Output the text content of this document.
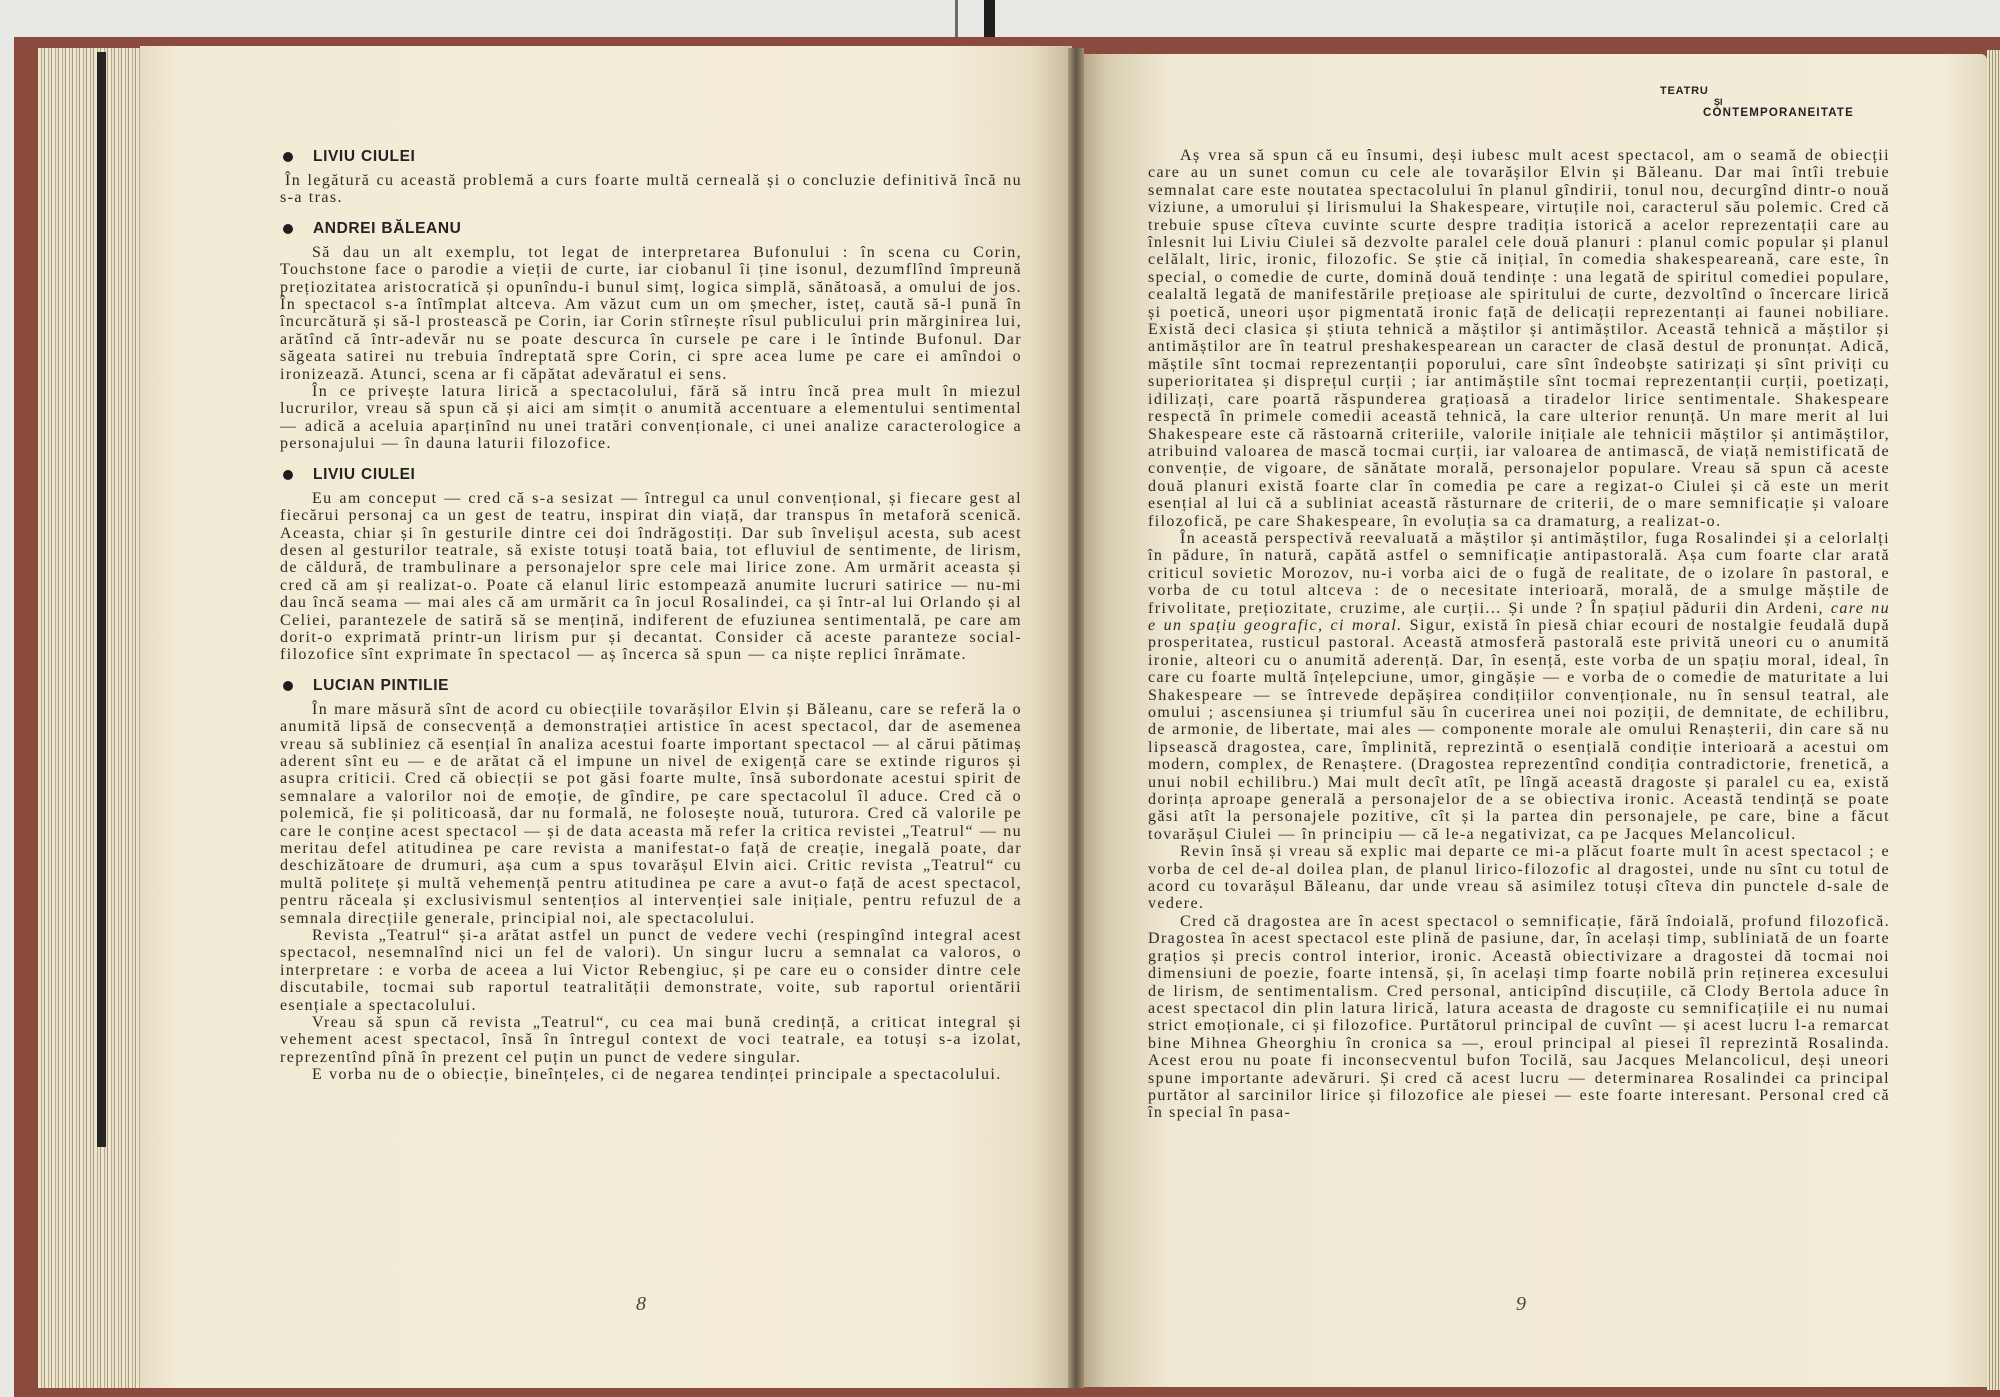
LIVIU CIULEI

În legătură cu această problemă a curs foarte multă cerneală și o concluzie definitivă încă nu s-a tras.

ANDREI BĂLEANU

Să dau un alt exemplu, tot legat de interpretarea Bufonului : în scena cu Corin, Touchstone face o parodie a vieții de curte, iar ciobanul îi ține isonul, dezumflînd împreună prețiozitatea aristocratică și opunîndu-i bunul simț, logica simplă, sănătoasă, a omului de jos. În spectacol s-a întîmplat altceva. Am văzut cum un om șmecher, isteț, caută să-l pună în încurcătură și să-l prostească pe Corin, iar Corin stîrnește rîsul publicului prin mărginirea lui, arătînd că într-adevăr nu se poate descurca în cursele pe care i le întinde Bufonul. Dar săgeata satirei nu trebuia îndreptată spre Corin, ci spre acea lume pe care ei amîndoi o ironizează. Atunci, scena ar fi căpătat adevăratul ei sens.

În ce privește latura lirică a spectacolului, fără să intru încă prea mult în miezul lucrurilor, vreau să spun că și aici am simțit o anumită accentuare a elementului sentimental — adică a aceluia aparținînd nu unei tratări convenționale, ci unei analize caracterologice a personajului — în dauna laturii filozofice.

LIVIU CIULEI

Eu am conceput — cred că s-a sesizat — întregul ca unul convențional, și fiecare gest al fiecărui personaj ca un gest de teatru, inspirat din viață, dar transpus în metaforă scenică. Aceasta, chiar și în gesturile dintre cei doi îndrăgostiți. Dar sub învelișul acesta, sub acest desen al gesturilor teatrale, să existe totuși toată baia, tot efluviul de sentimente, de lirism, de căldură, de trambulinare a personajelor spre cele mai lirice zone. Am urmărit aceasta și cred că am și realizat-o. Poate că elanul liric estompează anumite lucruri satirice — nu-mi dau încă seama — mai ales că am urmărit ca în jocul Rosalindei, ca și într-al lui Orlando și al Celiei, parantezele de satiră să se mențină, indiferent de efuziunea sentimentală, pe care am dorit-o exprimată printr-un lirism pur și decantat. Consider că aceste paranteze social-filozofice sînt exprimate în spectacol — aș încerca să spun — ca niște replici înrămate.

LUCIAN PINTILIE

În mare măsură sînt de acord cu obiecțiile tovarășilor Elvin și Băleanu, care se referă la o anumită lipsă de consecvență a demonstrației artistice în acest spectacol, dar de asemenea vreau să subliniez că esențial în analiza acestui foarte important spectacol — al cărui pătimaș aderent sînt eu — e de arătat că el impune un nivel de exigență care se extinde riguros și asupra criticii. Cred că obiecții se pot găsi foarte multe, însă subordonate acestui spirit de semnalare a valorilor noi de emoție, de gîndire, pe care spectacolul îl aduce. Cred că o polemică, fie și politicoasă, dar nu formală, ne folosește nouă, tuturora. Cred că valorile pe care le conține acest spectacol — și de data aceasta mă refer la critica revistei „Teatrul“ — nu meritau defel atitudinea pe care revista a manifestat-o față de creație, inegală poate, dar deschizătoare de drumuri, așa cum a spus tovarășul Elvin aici. Critic revista „Teatrul“ cu multă politețe și multă vehemență pentru atitudinea pe care a avut-o față de acest spectacol, pentru răceala și exclusivismul sentențios al intervenției sale inițiale, pentru refuzul de a semnala direcțiile generale, principial noi, ale spectacolului.

Revista „Teatrul“ și-a arătat astfel un punct de vedere vechi (respingînd integral acest spectacol, nesemnalînd nici un fel de valori). Un singur lucru a semnalat ca valoros, o interpretare : e vorba de aceea a lui Victor Rebengiuc, și pe care eu o consider dintre cele discutabile, tocmai sub raportul teatralității demonstrate, voite, sub raportul orientării esențiale a spectacolului.

Vreau să spun că revista „Teatrul“, cu cea mai bună credință, a criticat integral și vehement acest spectacol, însă în întregul context de voci teatrale, ea totuși s-a izolat, reprezentînd pînă în prezent cel puțin un punct de vedere singular.

E vorba nu de o obiecție, bineînțeles, ci de negarea tendinței principale a spectacolului.

8
TEATRU
ȘI
CONTEMPORANEITATE

Aș vrea să spun că eu însumi, deși iubesc mult acest spectacol, am o seamă de obiecții care au un sunet comun cu cele ale tovarășilor Elvin și Băleanu. Dar mai întîi trebuie semnalat care este noutatea spectacolului în planul gîndirii, tonul nou, decurgînd dintr-o nouă viziune, a umorului și lirismului la Shakespeare, virtuțile noi, caracterul său polemic. Cred că trebuie spuse cîteva cuvinte scurte despre tradiția istorică a acelor reprezentații care au înlesnit lui Liviu Ciulei să dezvolte paralel cele două planuri : planul comic popular și planul celălalt, liric, ironic, filozofic. Se știe că inițial, în comedia shakespeareană, care este, în special, o comedie de curte, domină două tendințe : una legată de spiritul comediei populare, cealaltă legată de manifestările prețioase ale spiritului de curte, dezvoltînd o încercare lirică și poetică, uneori ușor pigmentată ironic față de delicații reprezentanți ai faunei nobiliare. Există deci clasica și știuta tehnică a măștilor și antimăștilor. Această tehnică a măștilor și antimăștilor are în teatrul preshakespearean un caracter de clasă destul de pronunțat. Adică, măștile sînt tocmai reprezentanții poporului, care sînt îndeobște satirizați și sînt priviți cu superioritatea și disprețul curții ; iar antimăștile sînt tocmai reprezentanții curții, poetizați, idilizați, care poartă răspunderea grațioasă a tiradelor lirice sentimentale. Shakespeare respectă în primele comedii această tehnică, la care ulterior renunță. Un mare merit al lui Shakespeare este că răstoarnă criteriile, valorile inițiale ale tehnicii măștilor și antimăștilor, atribuind valoarea de mască tocmai curții, iar valoarea de antimască, de viață nemistificată de convenție, de vigoare, de sănătate morală, personajelor populare. Vreau să spun că aceste două planuri există foarte clar în comedia pe care a regizat-o Ciulei și că este un merit esențial al lui că a subliniat această răsturnare de criterii, de o mare semnificație și valoare filozofică, pe care Shakespeare, în evoluția sa ca dramaturg, a realizat-o.

În această perspectivă reevaluată a măștilor și antimăștilor, fuga Rosalindei și a celorlalți în pădure, în natură, capătă astfel o semnificație antipastorală. Așa cum foarte clar arată criticul sovietic Morozov, nu-i vorba aici de o fugă de realitate, de o izolare în pastoral, e vorba de cu totul altceva : de o necesitate interioară, morală, de a smulge măștile de frivolitate, prețiozitate, cruzime, ale curții... Și unde ? În spațiul pădurii din Ardeni, care nu e un spațiu geografic, ci moral. Sigur, există în piesă chiar ecouri de nostalgie feudală după prosperitatea, rusticul pastoral. Această atmosferă pastorală este privită uneori cu o anumită ironie, alteori cu o anumită aderență. Dar, în esență, este vorba de un spațiu moral, ideal, în care cu foarte multă înțelepciune, umor, gingășie — e vorba de o comedie de maturitate a lui Shakespeare — se întrevede depășirea condițiilor convenționale, nu în sensul teatral, ale omului ; ascensiunea și triumful său în cucerirea unei noi poziții, de demnitate, de echilibru, de armonie, de libertate, mai ales — componente morale ale omului Renașterii, din care să nu lipsească dragostea, care, împlinită, reprezintă o esențială condiție interioară a acestui om modern, complex, de Renaștere. (Dragostea reprezentînd condiția contradictorie, frenetică, a unui nobil echilibru.) Mai mult decît atît, pe lîngă această dragoste și paralel cu ea, există dorința aproape generală a personajelor de a se obiectiva ironic. Această tendință se poate găsi atît la personajele pozitive, cît și la partea din personajele, pe care, bine a făcut tovarășul Ciulei — în principiu — că le-a negativizat, ca pe Jacques Melancolicul.

Revin însă și vreau să explic mai departe ce mi-a plăcut foarte mult în acest spectacol ; e vorba de cel de-al doilea plan, de planul lirico-filozofic al dragostei, unde nu sînt cu totul de acord cu tovarășul Băleanu, dar unde vreau să asimilez totuși cîteva din punctele d-sale de vedere.

Cred că dragostea are în acest spectacol o semnificație, fără îndoială, profund filozofică. Dragostea în acest spectacol este plină de pasiune, dar, în același timp, subliniată de un foarte grațios și precis control interior, ironic. Această obiectivizare a dragostei dă tocmai noi dimensiuni de poezie, foarte intensă, și, în același timp foarte nobilă prin reținerea excesului de lirism, de sentimentalism. Cred personal, anticipînd discuțiile, că Clody Bertola aduce în acest spectacol din plin latura lirică, latura aceasta de dragoste cu semnificațiile ei nu numai strict emoționale, ci și filozofice. Purtătorul principal de cuvînt — și acest lucru l-a remarcat bine Mihnea Gheorghiu în cronica sa —, eroul principal al piesei îl reprezintă Rosalinda. Acest erou nu poate fi inconsecventul bufon Tocilă, sau Jacques Melancolicul, deși uneori spune importante adevăruri. Și cred că acest lucru — determinarea Rosalindei ca principal purtător al sarcinilor lirice și filozofice ale piesei — este foarte interesant. Personal cred că în special în pasa-

9
